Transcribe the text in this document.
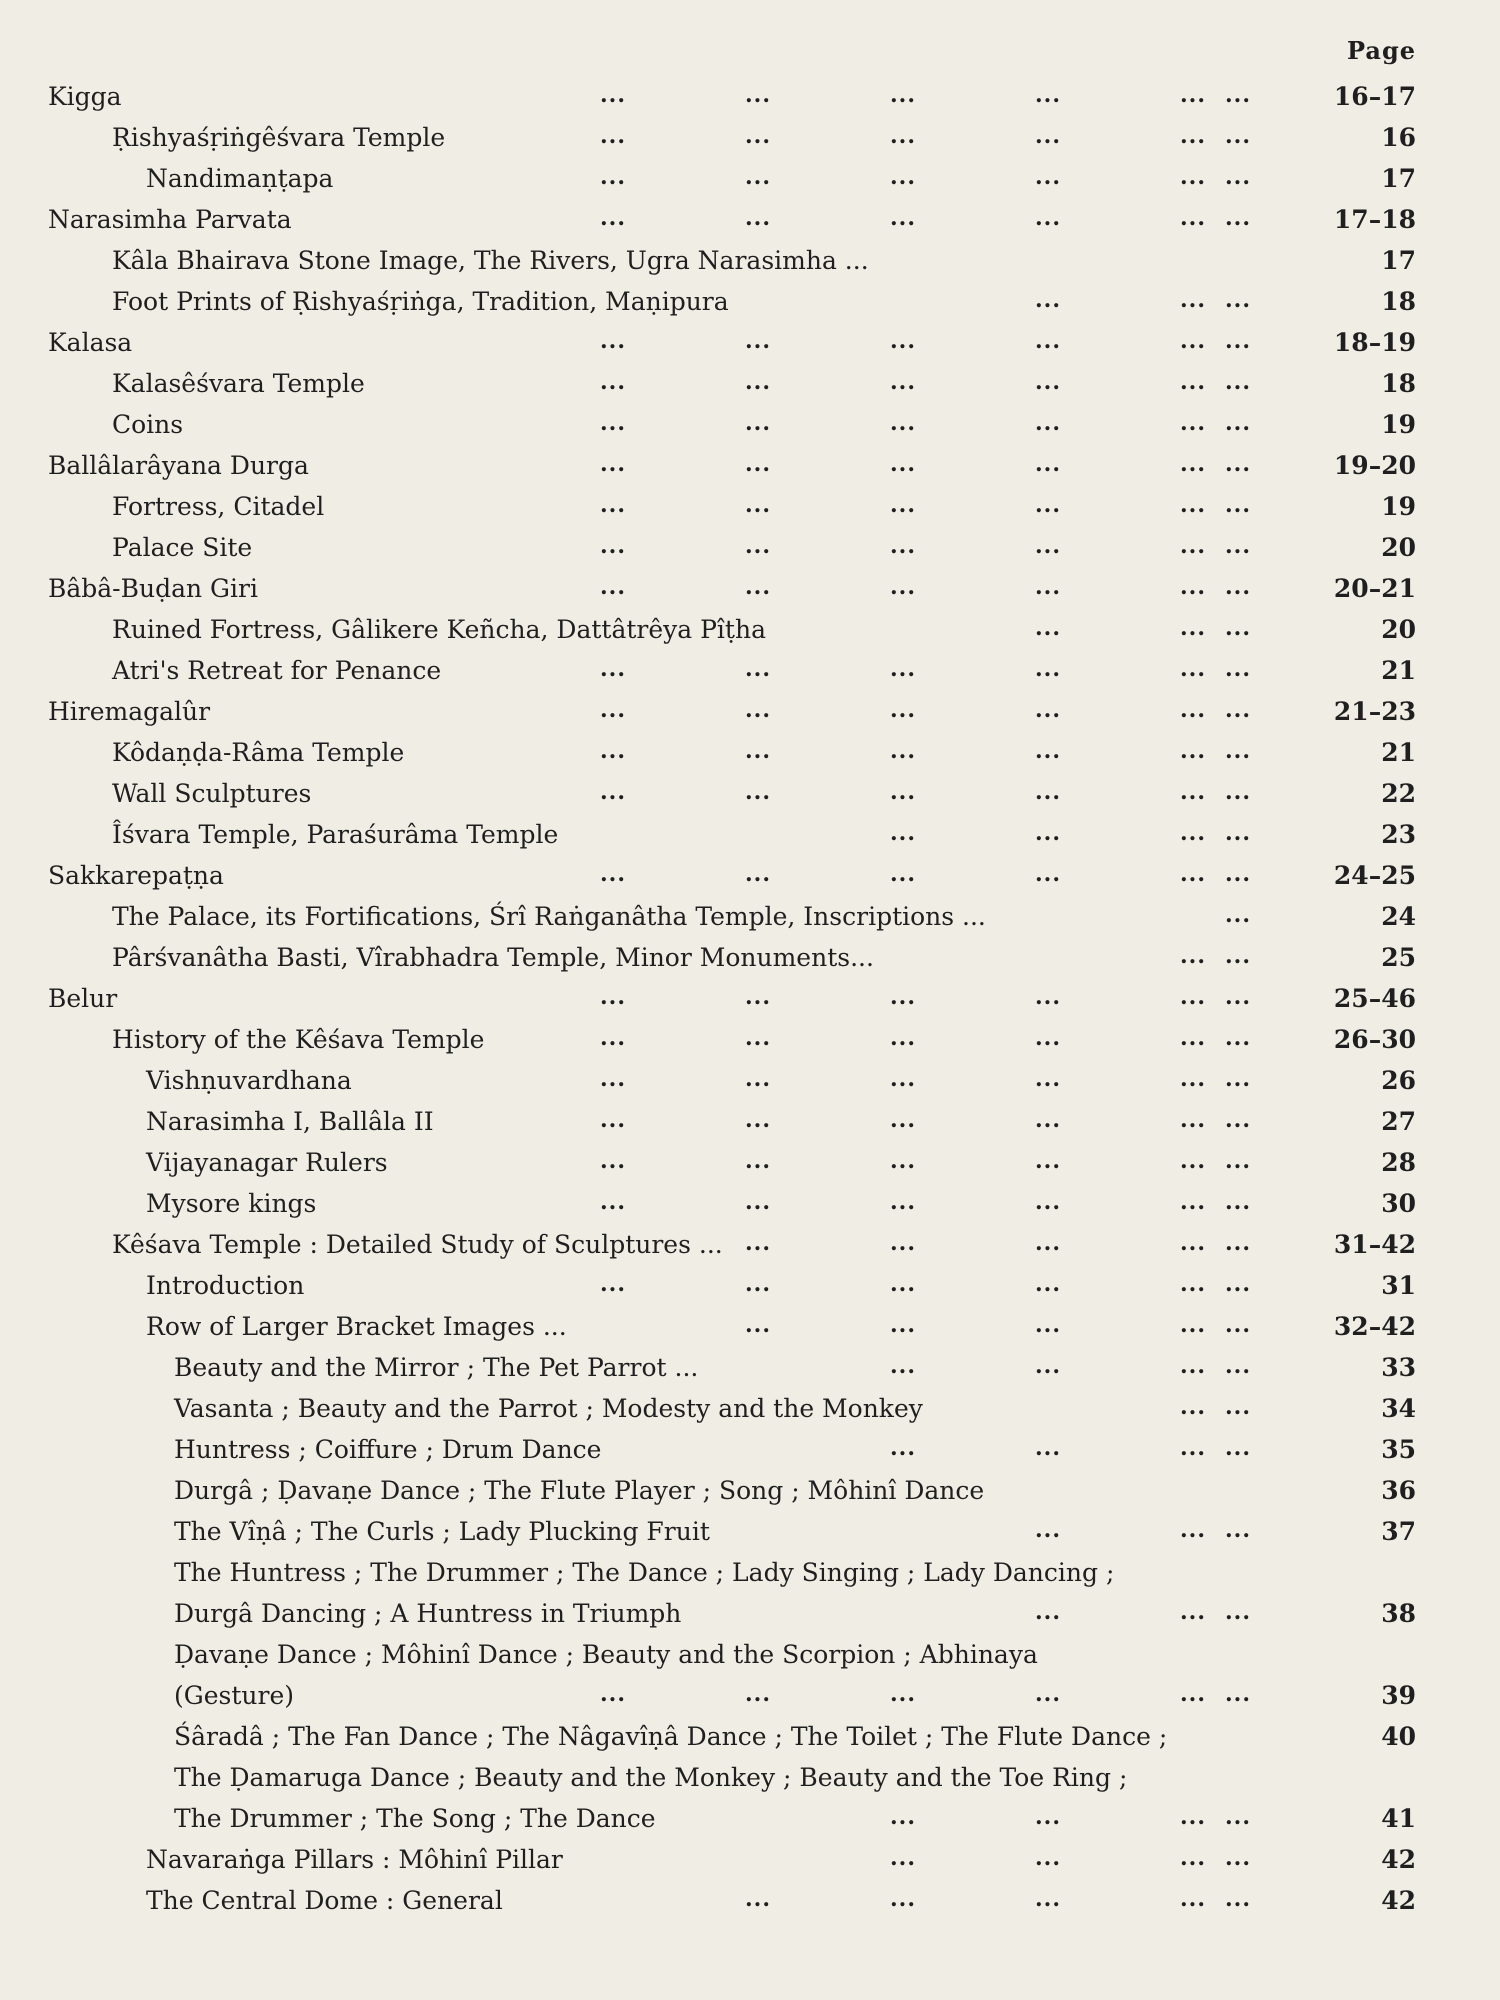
Page
Kigga	...	...	...	...	... ...	16–17
Ṛishyaśṛiṅgêśvara Temple	...	...	...	...	... ...	16
Nandimaṇṭapa	...	...	...	...	... ...	17
Narasimha Parvata	...	...	...	...	... ...	17–18
Kâla Bhairava Stone Image, The Rivers, Ugra Narasimha ...	17
Foot Prints of Ṛishyaśṛiṅga, Tradition, Maṇipura	...	... ...	18
Kalasa	...	...	...	...	... ...	18–19
Kalasêśvara Temple	...	...	...	...	... ...	18
Coins	...	...	...	...	... ...	19
Ballâlarâyana Durga	...	...	...	...	... ...	19–20
Fortress, Citadel	...	...	...	...	... ...	19
Palace Site	...	...	...	...	... ...	20
Bâbâ-Buḍan Giri	...	...	...	...	... ...	20–21
Ruined Fortress, Gâlikere Keñcha, Dattâtrêya Pîṭha	...	... ...	20
Atri's Retreat for Penance	...	...	...	...	... ...	21
Hiremagalûr	...	...	...	...	... ...	21–23
Kôdaṇḍa-Râma Temple	...	...	...	...	... ...	21
Wall Sculptures	...	...	...	...	... ...	22
Îśvara Temple, Paraśurâma Temple	...	...	... ...	23
Sakkarepaṭṇa	...	...	...	...	... ...	24–25
The Palace, its Fortifications, Śrî Raṅganâtha Temple, Inscriptions ...	...	24
Pârśvanâtha Basti, Vîrabhadra Temple, Minor Monuments...	... ...	25
Belur	...	...	...	...	... ...	25–46
History of the Kêśava Temple	...	...	...	...	... ...	26–30
Vishṇuvardhana	...	...	...	...	... ...	26
Narasimha I, Ballâla II	...	...	...	...	... ...	27
Vijayanagar Rulers	...	...	...	...	... ...	28
Mysore kings	...	...	...	...	... ...	30
Kêśava Temple : Detailed Study of Sculptures ... ...	...	...	... ...	31–42
Introduction	...	...	...	...	... ...	31
Row of Larger Bracket Images ...	...	...	...	... ...	32–42
Beauty and the Mirror ; The Pet Parrot ...	...	...	... ...	33
Vasanta ; Beauty and the Parrot ; Modesty and the Monkey	... ...	34
Huntress ; Coiffure ; Drum Dance	...	...	... ...	35
Durgâ ; Ḍavaṇe Dance ; The Flute Player ; Song ; Môhinî Dance	36
The Vîṇâ ; The Curls ; Lady Plucking Fruit	...	... ...	37
The Huntress ; The Drummer ; The Dance ; Lady Singing ; Lady Dancing ;
Durgâ Dancing ; A Huntress in Triumph	...	... ...	38
Ḍavaṇe Dance ; Môhinî Dance ; Beauty and the Scorpion ; Abhinaya
(Gesture)	...	...	...	...	... ...	39
Śâradâ ; The Fan Dance ; The Nâgavîṇâ Dance ; The Toilet ; The Flute Dance ;	40
The Ḍamaruga Dance ; Beauty and the Monkey ; Beauty and the Toe Ring ;
The Drummer ; The Song ; The Dance	...	...	... ...	41
Navaraṅga Pillars : Môhinî Pillar	...	...	... ...	42
The Central Dome : General	...	...	...	... ...	42
